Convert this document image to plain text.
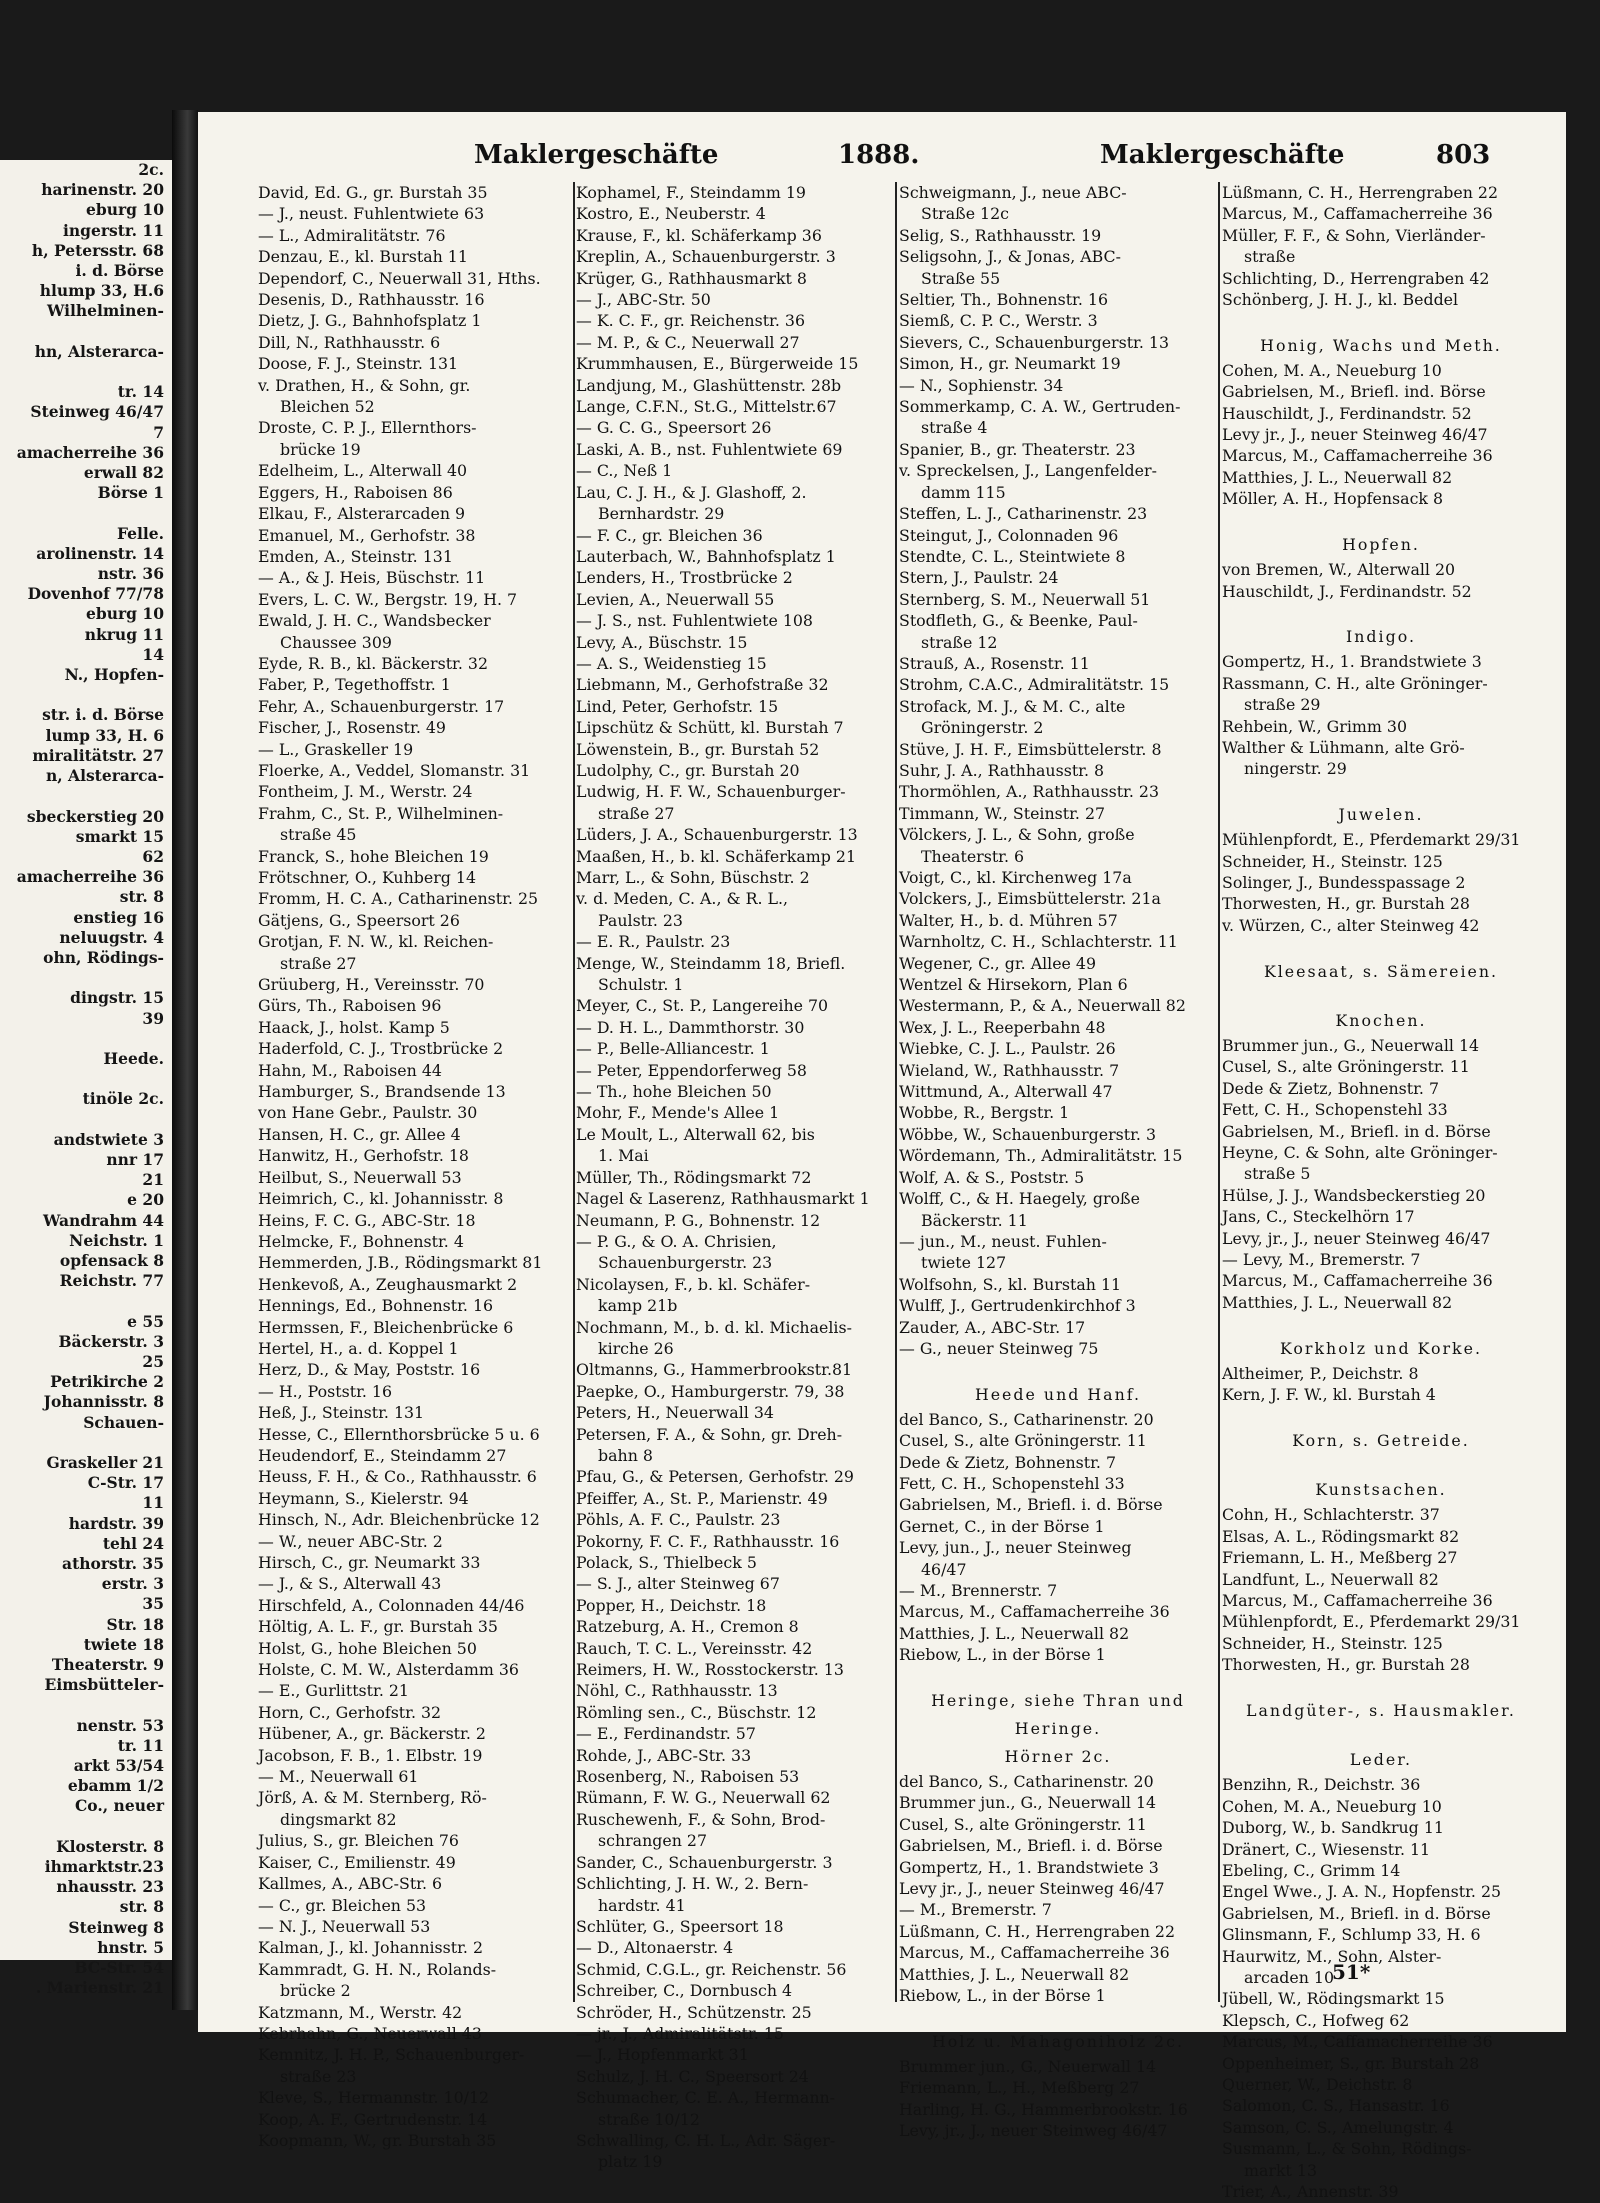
2c.
harinenstr. 20
eburg 10
ingerstr. 11
h, Petersstr. 68
i. d. Börse
hlump 33, H.6
Wilhelminen-

hn, Alsterarca-

tr. 14
Steinweg 46/47
7
amacherreihe 36
erwall 82
Börse 1

Felle.
arolinenstr. 14
nstr. 36
Dovenhof 77/78
eburg 10
nkrug 11
14
N., Hopfen-

str. i. d. Börse
lump 33, H. 6
miralitätstr. 27
n, Alsterarca-

sbeckerstieg 20
smarkt 15
62
amacherreihe 36
str. 8
enstieg 16
neluugstr. 4
ohn, Rödings-

dingstr. 15
39

Heede.

tinöle 2c.

andstwiete 3
nnr 17
21
e 20
Wandrahm 44
Neichstr. 1
opfensack 8
Reichstr. 77

e 55
Bäckerstr. 3
25
Petrikirche 2
Johannisstr. 8
Schauen-

Graskeller 21
C-Str. 17
11
hardstr. 39
tehl 24
athorstr. 35
erstr. 3
35
Str. 18
twiete 18
Theaterstr. 9
Eimsbütteler-

nenstr. 53
tr. 11
arkt 53/54
ebamm 1/2
Co., neuer

Klosterstr. 8
ihmarktstr.23
nhausstr. 23
str. 8
Steinweg 8
hnstr. 5
BC-Str. 54
. Marienstr. 21
Maklergeschäfte	1888.	Maklergeschäfte	803
David, Ed. G., gr. Burstah 35
— J., neust. Fuhlentwiete 63
— L., Admiralitätstr. 76
Denzau, E., kl. Burstah 11
Dependorf, C., Neuerwall 31, Hths.
Desenis, D., Rathhausstr. 16
Dietz, J. G., Bahnhofsplatz 1
Dill, N., Rathhausstr. 6
Doose, F. J., Steinstr. 131
v. Drathen, H., & Sohn, gr.
Bleichen 52
Droste, C. P. J., Ellernthors-
brücke 19
Edelheim, L., Alterwall 40
Eggers, H., Raboisen 86
Elkau, F., Alsterarcaden 9
Emanuel, M., Gerhofstr. 38
Emden, A., Steinstr. 131
— A., & J. Heis, Büschstr. 11
Evers, L. C. W., Bergstr. 19, H. 7
Ewald, J. H. C., Wandsbecker
Chaussee 309
Eyde, R. B., kl. Bäckerstr. 32
Faber, P., Tegethoffstr. 1
Fehr, A., Schauenburgerstr. 17
Fischer, J., Rosenstr. 49
— L., Graskeller 19
Floerke, A., Veddel, Slomanstr. 31
Fontheim, J. M., Werstr. 24
Frahm, C., St. P., Wilhelminen-
straße 45
Franck, S., hohe Bleichen 19
Frötschner, O., Kuhberg 14
Fromm, H. C. A., Catharinenstr. 25
Gätjens, G., Speersort 26
Grotjan, F. N. W., kl. Reichen-
straße 27
Grüuberg, H., Vereinsstr. 70
Gürs, Th., Raboisen 96
Haack, J., holst. Kamp 5
Haderfold, C. J., Trostbrücke 2
Hahn, M., Raboisen 44
Hamburger, S., Brandsende 13
von Hane Gebr., Paulstr. 30
Hansen, H. C., gr. Allee 4
Hanwitz, H., Gerhofstr. 18
Heilbut, S., Neuerwall 53
Heimrich, C., kl. Johannisstr. 8
Heins, F. C. G., ABC-Str. 18
Helmcke, F., Bohnenstr. 4
Hemmerden, J.B., Rödingsmarkt 81
Henkevoß, A., Zeughausmarkt 2
Hennings, Ed., Bohnenstr. 16
Hermssen, F., Bleichenbrücke 6
Hertel, H., a. d. Koppel 1
Herz, D., & May, Poststr. 16
— H., Poststr. 16
Heß, J., Steinstr. 131
Hesse, C., Ellernthorsbrücke 5 u. 6
Heudendorf, E., Steindamm 27
Heuss, F. H., & Co., Rathhausstr. 6
Heymann, S., Kielerstr. 94
Hinsch, N., Adr. Bleichenbrücke 12
— W., neuer ABC-Str. 2
Hirsch, C., gr. Neumarkt 33
— J., & S., Alterwall 43
Hirschfeld, A., Colonnaden 44/46
Höltig, A. L. F., gr. Burstah 35
Holst, G., hohe Bleichen 50
Holste, C. M. W., Alsterdamm 36
— E., Gurlittstr. 21
Horn, C., Gerhofstr. 32
Hübener, A., gr. Bäckerstr. 2
Jacobson, F. B., 1. Elbstr. 19
— M., Neuerwall 61
Jörß, A. & M. Sternberg, Rö-
dingsmarkt 82
Julius, S., gr. Bleichen 76
Kaiser, C., Emilienstr. 49
Kallmes, A., ABC-Str. 6
— C., gr. Bleichen 53
— N. J., Neuerwall 53
Kalman, J., kl. Johannisstr. 2
Kammradt, G. H. N., Rolands-
brücke 2
Katzmann, M., Werstr. 42
Kebrhahn, G., Neuerwall 43
Kemnitz, J. H. P., Schauenburger-
straße 23
Kleve, S., Hermannstr. 10/12
Koop, A. F., Gertrudenstr. 14
Koopmann, W., gr. Burstah 35
Kophamel, F., Steindamm 19
Kostro, E., Neuberstr. 4
Krause, F., kl. Schäferkamp 36
Kreplin, A., Schauenburgerstr. 3
Krüger, G., Rathhausmarkt 8
— J., ABC-Str. 50
— K. C. F., gr. Reichenstr. 36
— M. P., & C., Neuerwall 27
Krummhausen, E., Bürgerweide 15
Landjung, M., Glashüttenstr. 28b
Lange, C.F.N., St.G., Mittelstr.67
— G. C. G., Speersort 26
Laski, A. B., nst. Fuhlentwiete 69
— C., Neß 1
Lau, C. J. H., & J. Glashoff, 2.
Bernhardstr. 29
— F. C., gr. Bleichen 36
Lauterbach, W., Bahnhofsplatz 1
Lenders, H., Trostbrücke 2
Levien, A., Neuerwall 55
— J. S., nst. Fuhlentwiete 108
Levy, A., Büschstr. 15
— A. S., Weidenstieg 15
Liebmann, M., Gerhofstraße 32
Lind, Peter, Gerhofstr. 15
Lipschütz & Schütt, kl. Burstah 7
Löwenstein, B., gr. Burstah 52
Ludolphy, C., gr. Burstah 20
Ludwig, H. F. W., Schauenburger-
straße 27
Lüders, J. A., Schauenburgerstr. 13
Maaßen, H., b. kl. Schäferkamp 21
Marr, L., & Sohn, Büschstr. 2
v. d. Meden, C. A., & R. L.,
Paulstr. 23
— E. R., Paulstr. 23
Menge, W., Steindamm 18, Briefl.
Schulstr. 1
Meyer, C., St. P., Langereihe 70
— D. H. L., Dammthorstr. 30
— P., Belle-Alliancestr. 1
— Peter, Eppendorferweg 58
— Th., hohe Bleichen 50
Mohr, F., Mende's Allee 1
Le Moult, L., Alterwall 62, bis
1. Mai
Müller, Th., Rödingsmarkt 72
Nagel & Laserenz, Rathhausmarkt 1
Neumann, P. G., Bohnenstr. 12
— P. G., & O. A. Chrisien,
Schauenburgerstr. 23
Nicolaysen, F., b. kl. Schäfer-
kamp 21b
Nochmann, M., b. d. kl. Michaelis-
kirche 26
Oltmanns, G., Hammerbrookstr.81
Paepke, O., Hamburgerstr. 79, 38
Peters, H., Neuerwall 34
Petersen, F. A., & Sohn, gr. Dreh-
bahn 8
Pfau, G., & Petersen, Gerhofstr. 29
Pfeiffer, A., St. P., Marienstr. 49
Pöhls, A. F. C., Paulstr. 23
Pokorny, F. C. F., Rathhausstr. 16
Polack, S., Thielbeck 5
— S. J., alter Steinweg 67
Popper, H., Deichstr. 18
Ratzeburg, A. H., Cremon 8
Rauch, T. C. L., Vereinsstr. 42
Reimers, H. W., Rosstockerstr. 13
Nöhl, C., Rathhausstr. 13
Römling sen., C., Büschstr. 12
— E., Ferdinandstr. 57
Rohde, J., ABC-Str. 33
Rosenberg, N., Raboisen 53
Rümann, F. W. G., Neuerwall 62
Ruschewenh, F., & Sohn, Brod-
schrangen 27
Sander, C., Schauenburgerstr. 3
Schlichting, J. H. W., 2. Bern-
hardstr. 41
Schlüter, G., Speersort 18
— D., Altonaerstr. 4
Schmid, C.G.L., gr. Reichenstr. 56
Schreiber, C., Dornbusch 4
Schröder, H., Schützenstr. 25
— jr., J., Admiralitätstr. 15
— J., Hopfenmarkt 31
Schulz, J. H. C., Speersort 24
Schumacher, C. E. A., Hermann-
straße 10/12
Schwalling, C. H. L., Adr. Säger-
platz 19
Schweigmann, J., neue ABC-
Straße 12c
Selig, S., Rathhausstr. 19
Seligsohn, J., & Jonas, ABC-
Straße 55
Seltier, Th., Bohnenstr. 16
Siemß, C. P. C., Werstr. 3
Sievers, C., Schauenburgerstr. 13
Simon, H., gr. Neumarkt 19
— N., Sophienstr. 34
Sommerkamp, C. A. W., Gertruden-
straße 4
Spanier, B., gr. Theaterstr. 23
v. Spreckelsen, J., Langenfelder-
damm 115
Steffen, L. J., Catharinenstr. 23
Steingut, J., Colonnaden 96
Stendte, C. L., Steintwiete 8
Stern, J., Paulstr. 24
Sternberg, S. M., Neuerwall 51
Stodfleth, G., & Beenke, Paul-
straße 12
Strauß, A., Rosenstr. 11
Strohm, C.A.C., Admiralitätstr. 15
Strofack, M. J., & M. C., alte
Gröningerstr. 2
Stüve, J. H. F., Eimsbüttelerstr. 8
Suhr, J. A., Rathhausstr. 8
Thormöhlen, A., Rathhausstr. 23
Timmann, W., Steinstr. 27
Völckers, J. L., & Sohn, große
Theaterstr. 6
Voigt, C., kl. Kirchenweg 17a
Volckers, J., Eimsbüttelerstr. 21a
Walter, H., b. d. Mühren 57
Warnholtz, C. H., Schlachterstr. 11
Wegener, C., gr. Allee 49
Wentzel & Hirsekorn, Plan 6
Westermann, P., & A., Neuerwall 82
Wex, J. L., Reeperbahn 48
Wiebke, C. J. L., Paulstr. 26
Wieland, W., Rathhausstr. 7
Wittmund, A., Alterwall 47
Wobbe, R., Bergstr. 1
Wöbbe, W., Schauenburgerstr. 3
Wördemann, Th., Admiralitätstr. 15
Wolf, A. & S., Poststr. 5
Wolff, C., & H. Haegely, große
Bäckerstr. 11
— jun., M., neust. Fuhlen-
twiete 127
Wolfsohn, S., kl. Burstah 11
Wulff, J., Gertrudenkirchhof 3
Zauder, A., ABC-Str. 17
— G., neuer Steinweg 75

Heede und Hanf.
del Banco, S., Catharinenstr. 20
Cusel, S., alte Gröningerstr. 11
Dede & Zietz, Bohnenstr. 7
Fett, C. H., Schopenstehl 33
Gabrielsen, M., Briefl. i. d. Börse
Gernet, C., in der Börse 1
Levy, jun., J., neuer Steinweg
46/47
— M., Brennerstr. 7
Marcus, M., Caffamacherreihe 36
Matthies, J. L., Neuerwall 82
Riebow, L., in der Börse 1

Heringe, siehe Thran und
Heringe.
Hörner 2c.
del Banco, S., Catharinenstr. 20
Brummer jun., G., Neuerwall 14
Cusel, S., alte Gröningerstr. 11
Gabrielsen, M., Briefl. i. d. Börse
Gompertz, H., 1. Brandstwiete 3
Levy jr., J., neuer Steinweg 46/47
— M., Bremerstr. 7
Lüßmann, C. H., Herrengraben 22
Marcus, M., Caffamacherreihe 36
Matthies, J. L., Neuerwall 82
Riebow, L., in der Börse 1

Holz u. Mahagoniholz 2c.
Brummer jun., G., Neuerwall 14
Friemann, L., H., Meßberg 27
Harling, H. G., Hammerbrookstr. 16
Levy, jr., J., neuer Steinweg 46/47
Lüßmann, C. H., Herrengraben 22
Marcus, M., Caffamacherreihe 36
Müller, F. F., & Sohn, Vierländer-
straße
Schlichting, D., Herrengraben 42
Schönberg, J. H. J., kl. Beddel

Honig, Wachs und Meth.
Cohen, M. A., Neueburg 10
Gabrielsen, M., Briefl. ind. Börse
Hauschildt, J., Ferdinandstr. 52
Levy jr., J., neuer Steinweg 46/47
Marcus, M., Caffamacherreihe 36
Matthies, J. L., Neuerwall 82
Möller, A. H., Hopfensack 8

Hopfen.
von Bremen, W., Alterwall 20
Hauschildt, J., Ferdinandstr. 52

Indigo.
Gompertz, H., 1. Brandstwiete 3
Rassmann, C. H., alte Gröninger-
straße 29
Rehbein, W., Grimm 30
Walther & Lühmann, alte Grö-
ningerstr. 29

Juwelen.
Mühlenpfordt, E., Pferdemarkt 29/31
Schneider, H., Steinstr. 125
Solinger, J., Bundesspassage 2
Thorwesten, H., gr. Burstah 28
v. Würzen, C., alter Steinweg 42

Kleesaat, s. Sämereien.

Knochen.
Brummer jun., G., Neuerwall 14
Cusel, S., alte Gröningerstr. 11
Dede & Zietz, Bohnenstr. 7
Fett, C. H., Schopenstehl 33
Gabrielsen, M., Briefl. in d. Börse
Heyne, C. & Sohn, alte Gröninger-
straße 5
Hülse, J. J., Wandsbeckerstieg 20
Jans, C., Steckelhörn 17
Levy, jr., J., neuer Steinweg 46/47
— Levy, M., Bremerstr. 7
Marcus, M., Caffamacherreihe 36
Matthies, J. L., Neuerwall 82

Korkholz und Korke.
Altheimer, P., Deichstr. 8
Kern, J. F. W., kl. Burstah 4

Korn, s. Getreide.

Kunstsachen.
Cohn, H., Schlachterstr. 37
Elsas, A. L., Rödingsmarkt 82
Friemann, L. H., Meßberg 27
Landfunt, L., Neuerwall 82
Marcus, M., Caffamacherreihe 36
Mühlenpfordt, E., Pferdemarkt 29/31
Schneider, H., Steinstr. 125
Thorwesten, H., gr. Burstah 28

Landgüter-, s. Hausmakler.

Leder.
Benzihn, R., Deichstr. 36
Cohen, M. A., Neueburg 10
Duborg, W., b. Sandkrug 11
Dränert, C., Wiesenstr. 11
Ebeling, C., Grimm 14
Engel Wwe., J. A. N., Hopfenstr. 25
Gabrielsen, M., Briefl. in d. Börse
Glinsmann, F., Schlump 33, H. 6
Haurwitz, M., Sohn, Alster-
arcaden 10
Jübell, W., Rödingsmarkt 15
Klepsch, C., Hofweg 62
Marcus, M., Caffamacherreihe 36
Oppenheimer, S., gr. Burstah 28
Querner, W., Deichstr. 8
Salomon, C. S., Hansastr. 16
Samson, C. S., Amelungstr. 4
Susmann, L., & Sohn, Rödings-
markt 13
Trier, A., Annenstr. 39
51*
